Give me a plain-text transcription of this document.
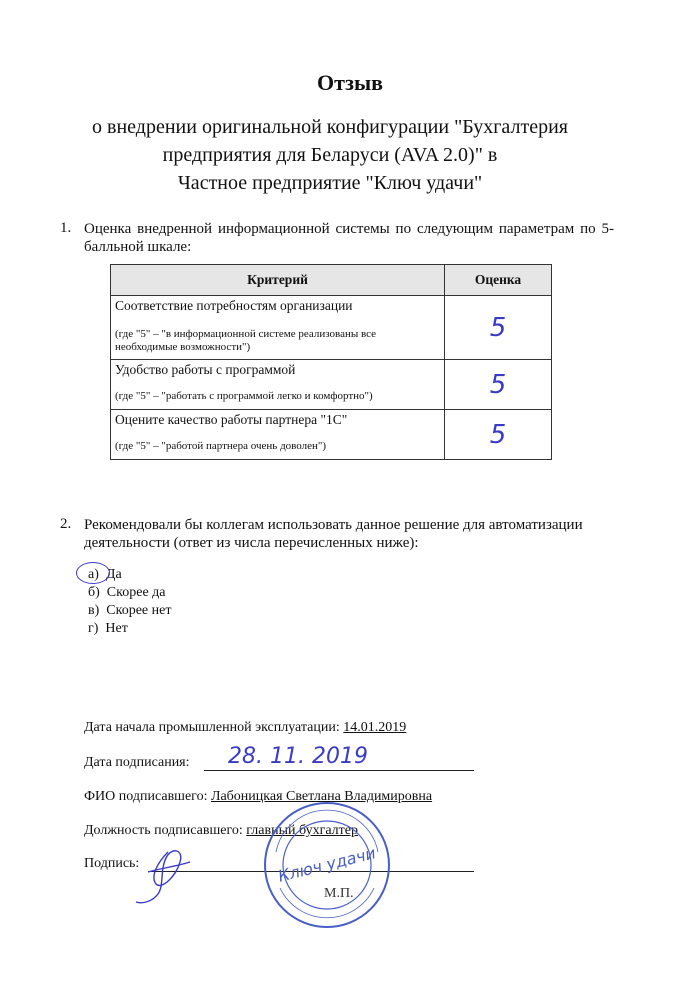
Отзыв
о внедрении оригинальной конфигурации "Бухгалтерия
предприятия для Беларуси (AVA 2.0)" в
Частное предприятие "Ключ удачи"
1. Оценка внедренной информационной системы по следующим параметрам по 5-балльной шкале:
Критерий	Оценка
Соответствие потребностям организации
(где "5" – "в информационной системе реализованы все необходимые возможности")	5
Удобство работы с программой
(где "5" – "работать с программой легко и комфортно")	5
Оцените качество работы партнера "1С"
(где "5" – "работой партнера очень доволен")	5
2. Рекомендовали бы коллегам использовать данное решение для автоматизации деятельности (ответ из числа перечисленных ниже):
а) Да
б) Скорее да
в) Скорее нет
г) Нет
Дата начала промышленной эксплуатации: 14.01.2019
Дата подписания: 28. 11. 2019
ФИО подписавшего: Лабоницкая Светлана Владимировна
Должность подписавшего: главный бухгалтер
Подпись:	Ключ удачи
М.П.
